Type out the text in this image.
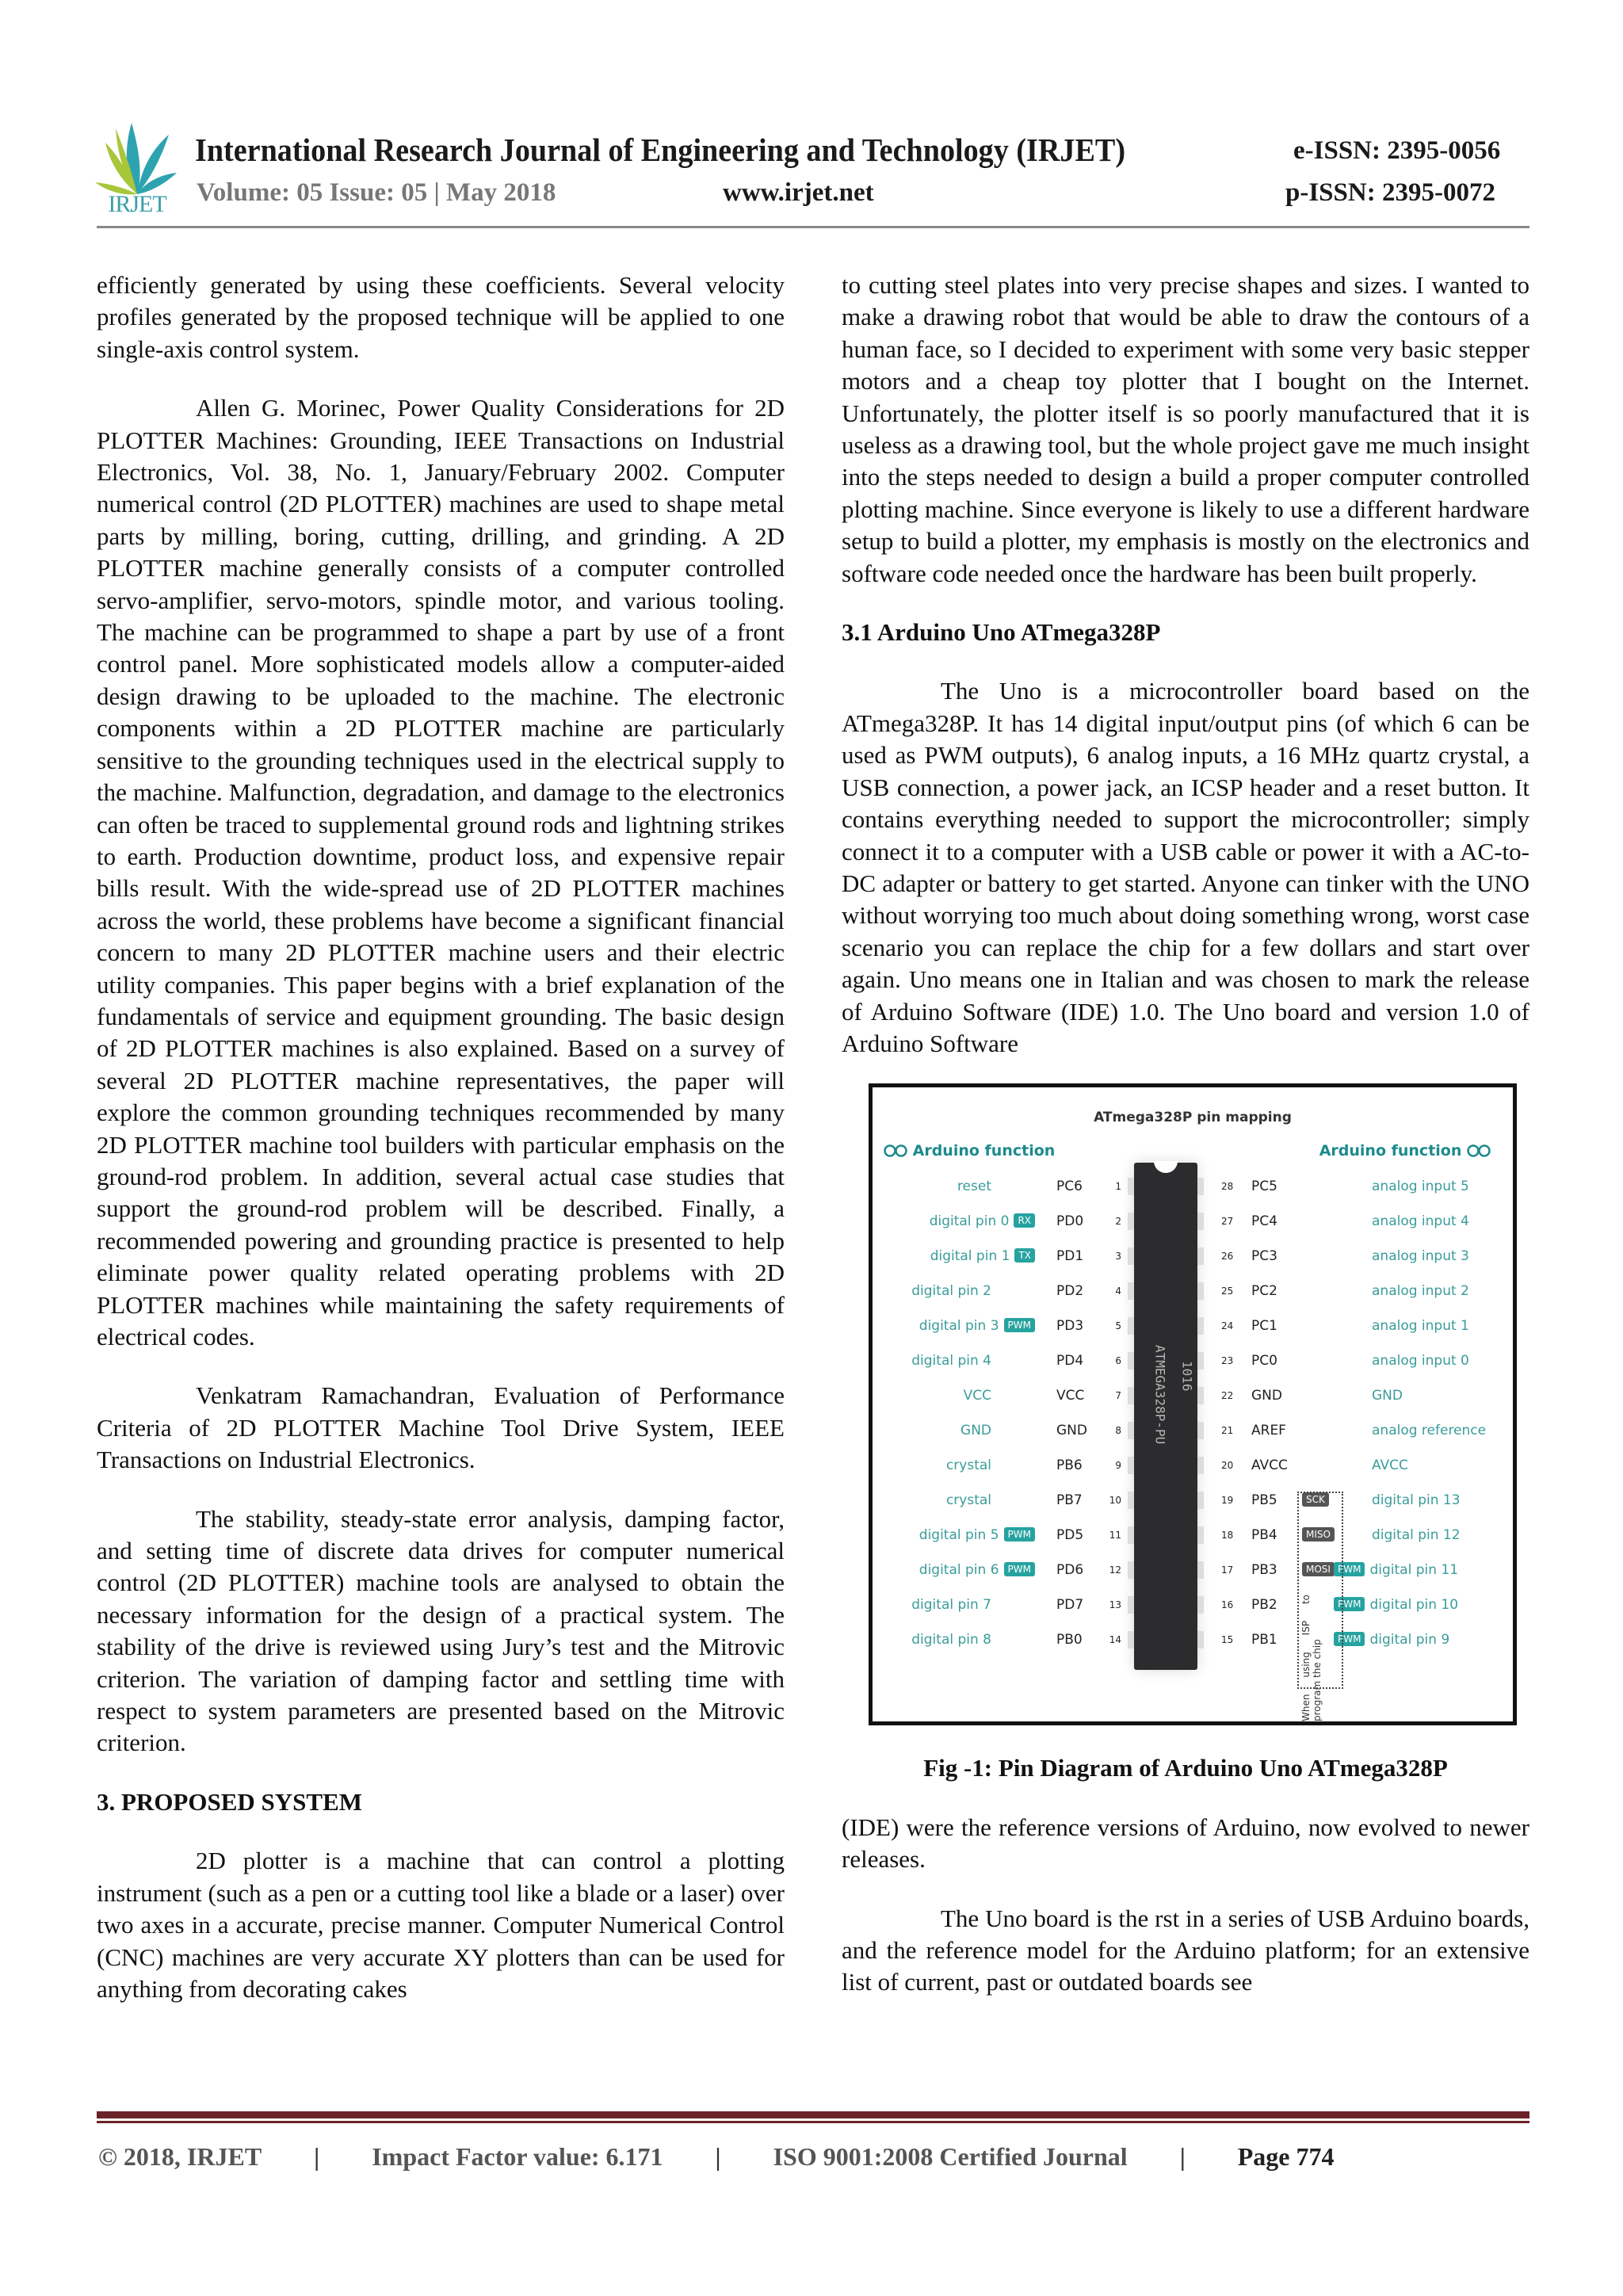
IRJET
International Research Journal of Engineering and Technology (IRJET)	e-ISSN: 2395-0056
Volume: 05 Issue: 05 | May 2018	www.irjet.net	p-ISSN: 2395-0072

efficiently generated by using these coefficients. Several velocity profiles generated by the proposed technique will be applied to one single-axis control system.

Allen G. Morinec, Power Quality Considerations for 2D PLOTTER Machines: Grounding, IEEE Transactions on Industrial Electronics, Vol. 38, No. 1, January/February 2002. Computer numerical control (2D PLOTTER) machines are used to shape metal parts by milling, boring, cutting, drilling, and grinding. A 2D PLOTTER machine generally consists of a computer controlled servo-amplifier, servo-motors, spindle motor, and various tooling. The machine can be programmed to shape a part by use of a front control panel. More sophisticated models allow a computer-aided design drawing to be uploaded to the machine. The electronic components within a 2D PLOTTER machine are particularly sensitive to the grounding techniques used in the electrical supply to the machine. Malfunction, degradation, and damage to the electronics can often be traced to supplemental ground rods and lightning strikes to earth. Production downtime, product loss, and expensive repair bills result. With the wide-spread use of 2D PLOTTER machines across the world, these problems have become a significant financial concern to many 2D PLOTTER machine users and their electric utility companies. This paper begins with a brief explanation of the fundamentals of service and equipment grounding. The basic design of 2D PLOTTER machines is also explained. Based on a survey of several 2D PLOTTER machine representatives, the paper will explore the common grounding techniques recommended by many 2D PLOTTER machine tool builders with particular emphasis on the ground-rod problem. In addition, several actual case studies that support the ground-rod problem will be described. Finally, a recommended powering and grounding practice is presented to help eliminate power quality related operating problems with 2D PLOTTER machines while maintaining the safety requirements of electrical codes.

Venkatram Ramachandran, Evaluation of Performance Criteria of 2D PLOTTER Machine Tool Drive System, IEEE Transactions on Industrial Electronics.

The stability, steady-state error analysis, damping factor, and setting time of discrete data drives for computer numerical control (2D PLOTTER) machine tools are analysed to obtain the necessary information for the design of a practical system. The stability of the drive is reviewed using Jury’s test and the Mitrovic criterion. The variation of damping factor and settling time with respect to system parameters are presented based on the Mitrovic criterion.

3. PROPOSED SYSTEM

2D plotter is a machine that can control a plotting instrument (such as a pen or a cutting tool like a blade or a laser) over two axes in a accurate, precise manner. Computer Numerical Control (CNC) machines are very accurate XY plotters than can be used for anything from decorating cakes

to cutting steel plates into very precise shapes and sizes. I wanted to make a drawing robot that would be able to draw the contours of a human face, so I decided to experiment with some very basic stepper motors and a cheap toy plotter that I bought on the Internet. Unfortunately, the plotter itself is so poorly manufactured that it is useless as a drawing tool, but the whole project gave me much insight into the steps needed to design a build a proper computer controlled plotting machine. Since everyone is likely to use a different hardware setup to build a plotter, my emphasis is mostly on the electronics and software code needed once the hardware has been built properly.

3.1 Arduino Uno ATmega328P

The Uno is a microcontroller board based on the ATmega328P. It has 14 digital input/output pins (of which 6 can be used as PWM outputs), 6 analog inputs, a 16 MHz quartz crystal, a USB connection, a power jack, an ICSP header and a reset button. It contains everything needed to support the microcontroller; simply connect it to a computer with a USB cable or power it with a AC-to-DC adapter or battery to get started. Anyone can tinker with the UNO without worrying too much about doing something wrong, worst case scenario you can replace the chip for a few dollars and start over again. Uno means one in Italian and was chosen to mark the release of Arduino Software (IDE) 1.0. The Uno board and version 1.0 of Arduino Software

ATmega328P pin mapping
Arduino function	Arduino function
ATMEGA328P-PU 1016
reset	PC6	1
digital pin 0 RX PD0	2
digital pin 1 TX PD1	3
digital pin 2	PD2	4
digital pin 3 PWM PD3	5
digital pin 4	PD4	6
VCC	VCC	7
GND	GND	8
crystal	PB6	9
crystal	PB7	10
digital pin 5 PWM PD5	11
digital pin 6 PWM PD6	12
digital pin 7	PD7	13
digital pin 8	PB0	14
28	PC5	analog input 5
27	PC4	analog input 4
26	PC3	analog input 3
25	PC2	analog input 2
24	PC1	analog input 1
23	PC0	analog input 0
22	GND	GND
21	AREF	analog reference
20	AVCC	AVCC
19	PB5	SCK	digital pin 13
18	PB4	MISO	digital pin 12
17	PB3	MOSI PWM digital pin 11
16	PB2	PWM digital pin 10
15	PB1	PWM digital pin 9
When using ISP to program the chip
Fig -1: Pin Diagram of Arduino Uno ATmega328P

(IDE) were the reference versions of Arduino, now evolved to newer releases.

The Uno board is the rst in a series of USB Arduino boards, and the reference model for the Arduino platform; for an extensive list of current, past or outdated boards see

© 2018, IRJET | Impact Factor value: 6.171 | ISO 9001:2008 Certified Journal | Page 774
